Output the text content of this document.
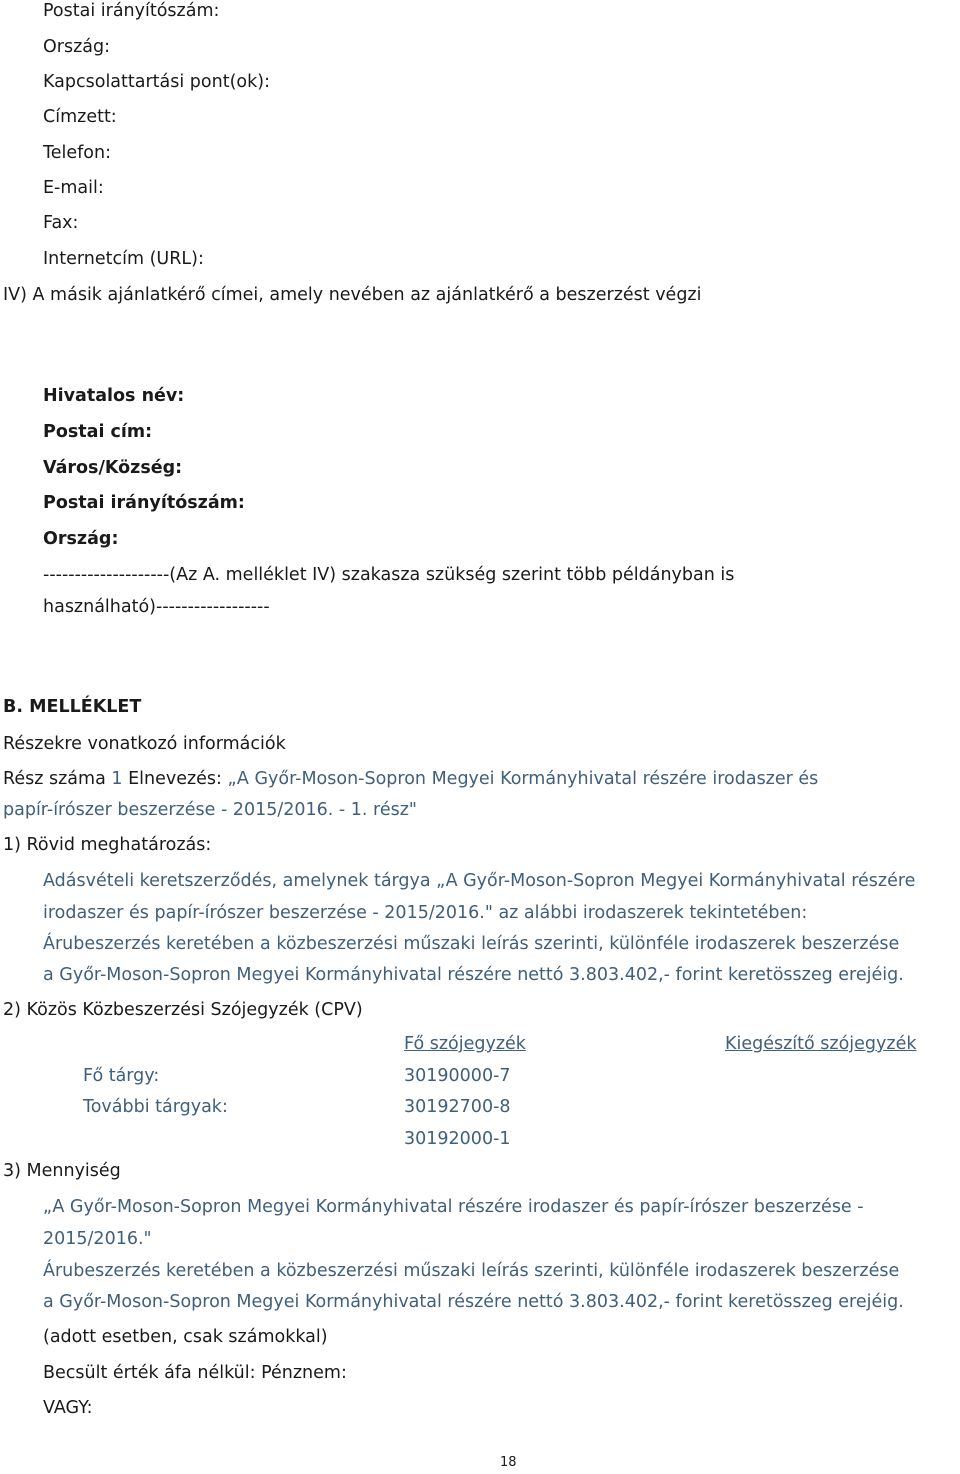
Postai irányítószám:
Ország:
Kapcsolattartási pont(ok):
Címzett:
Telefon:
E-mail:
Fax:
Internetcím (URL):
IV) A másik ajánlatkérő címei, amely nevében az ajánlatkérő a beszerzést végzi
Hivatalos név:
Postai cím:
Város/Község:
Postai irányítószám:
Ország:
--------------------(Az A. melléklet IV) szakasza szükség szerint több példányban is
használható)------------------
B. MELLÉKLET
Részekre vonatkozó információk
Rész száma 1 Elnevezés: „A Győr-Moson-Sopron Megyei Kormányhivatal részére irodaszer és
papír-írószer beszerzése - 2015/2016. - 1. rész"
1) Rövid meghatározás:
Adásvételi keretszerződés, amelynek tárgya „A Győr-Moson-Sopron Megyei Kormányhivatal részére
irodaszer és papír-írószer beszerzése - 2015/2016." az alábbi irodaszerek tekintetében:
Árubeszerzés keretében a közbeszerzési műszaki leírás szerinti, különféle irodaszerek beszerzése
a Győr-Moson-Sopron Megyei Kormányhivatal részére nettó 3.803.402,- forint keretösszeg erejéig.
2) Közös Közbeszerzési Szójegyzék (CPV)
Fő szójegyzék	Kiegészítő szójegyzék
Fő tárgy:	30190000-7
További tárgyak:	30192700-8
30192000-1
3) Mennyiség
„A Győr-Moson-Sopron Megyei Kormányhivatal részére irodaszer és papír-írószer beszerzése -
2015/2016."
Árubeszerzés keretében a közbeszerzési műszaki leírás szerinti, különféle irodaszerek beszerzése
a Győr-Moson-Sopron Megyei Kormányhivatal részére nettó 3.803.402,- forint keretösszeg erejéig.
(adott esetben, csak számokkal)
Becsült érték áfa nélkül: Pénznem:
VAGY:
18
